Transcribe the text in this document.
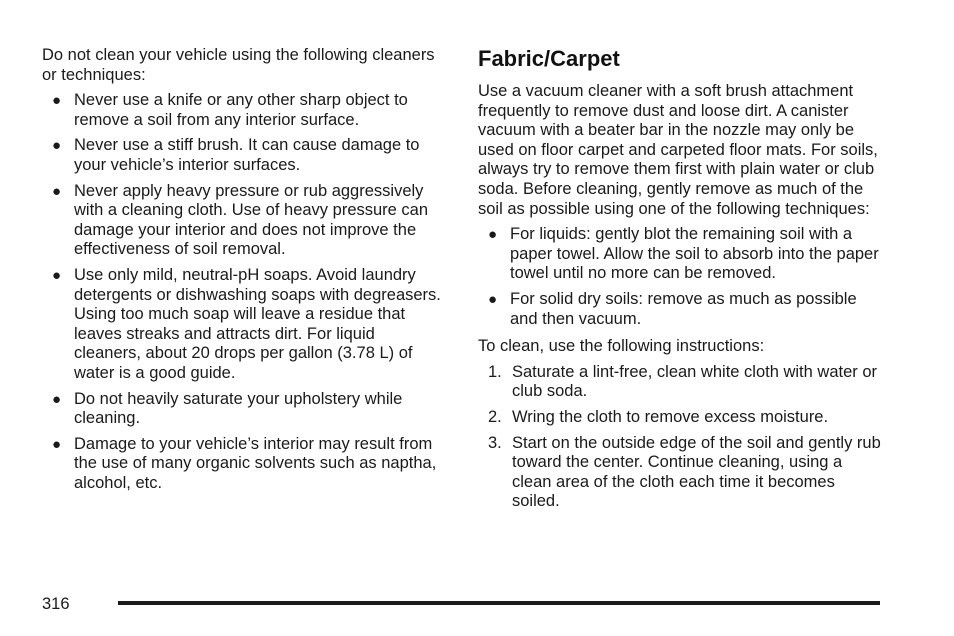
Do not clean your vehicle using the following cleaners or techniques:

● Never use a knife or any other sharp object to remove a soil from any interior surface.
● Never use a stiff brush. It can cause damage to your vehicle’s interior surfaces.
● Never apply heavy pressure or rub aggressively with a cleaning cloth. Use of heavy pressure can damage your interior and does not improve the effectiveness of soil removal.
● Use only mild, neutral-pH soaps. Avoid laundry detergents or dishwashing soaps with degreasers. Using too much soap will leave a residue that leaves streaks and attracts dirt. For liquid cleaners, about 20 drops per gallon (3.78 L) of water is a good guide.
● Do not heavily saturate your upholstery while cleaning.
● Damage to your vehicle’s interior may result from the use of many organic solvents such as naptha, alcohol, etc.
Fabric/Carpet

Use a vacuum cleaner with a soft brush attachment frequently to remove dust and loose dirt. A canister vacuum with a beater bar in the nozzle may only be used on floor carpet and carpeted floor mats. For soils, always try to remove them first with plain water or club soda. Before cleaning, gently remove as much of the soil as possible using one of the following techniques:

● For liquids: gently blot the remaining soil with a paper towel. Allow the soil to absorb into the paper towel until no more can be removed.
● For solid dry soils: remove as much as possible and then vacuum.

To clean, use the following instructions:

1. Saturate a lint-free, clean white cloth with water or club soda.
2. Wring the cloth to remove excess moisture.
3. Start on the outside edge of the soil and gently rub toward the center. Continue cleaning, using a clean area of the cloth each time it becomes soiled.
316
